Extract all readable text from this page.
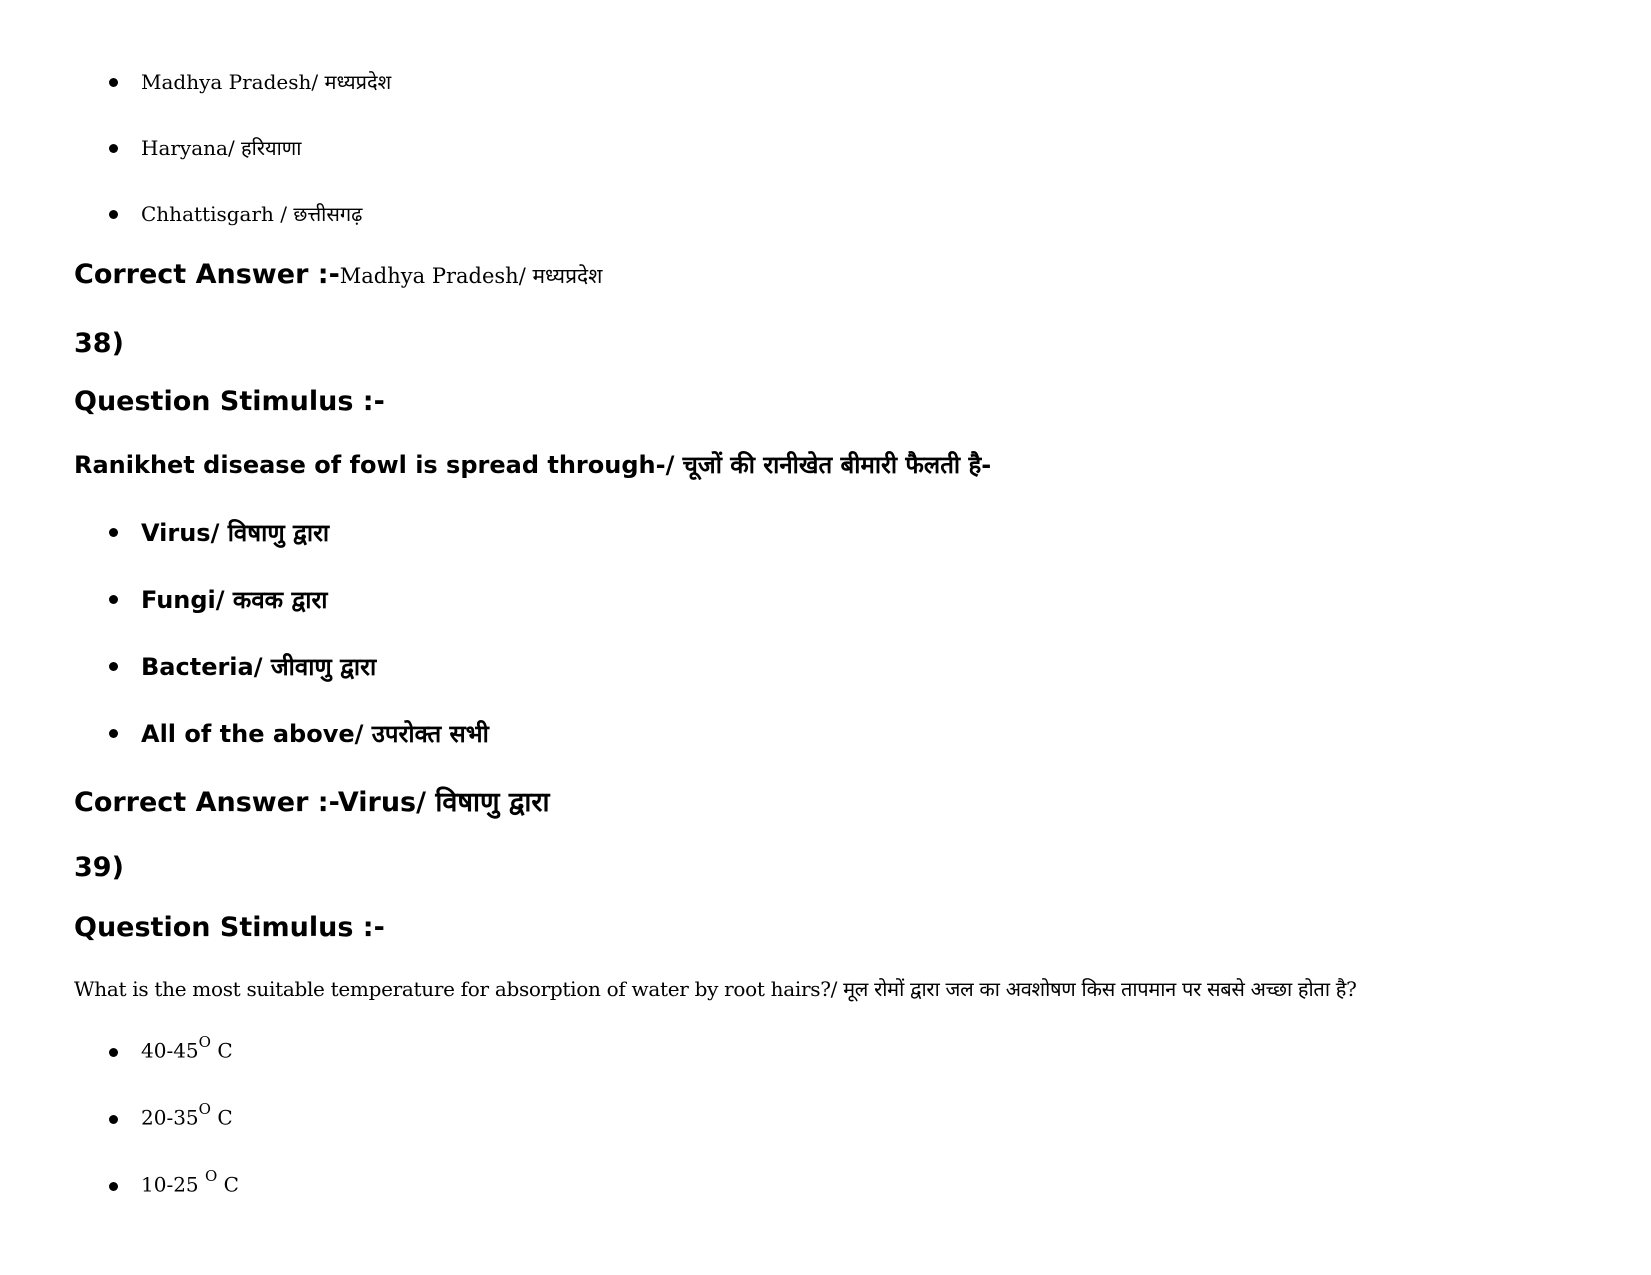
Madhya Pradesh/ मध्यप्रदेश
Haryana/ हरियाणा
Chhattisgarh / छत्तीसगढ़
Correct Answer :-Madhya Pradesh/ मध्यप्रदेश
38)
Question Stimulus :-
Ranikhet disease of fowl is spread through-/ चूजों की रानीखेत बीमारी फैलती है-
Virus/ विषाणु द्वारा
Fungi/ कवक द्वारा
Bacteria/ जीवाणु द्वारा
All of the above/ उपरोक्त सभी
Correct Answer :-Virus/ विषाणु द्वारा
39)
Question Stimulus :-
What is the most suitable temperature for absorption of water by root hairs?/ मूल रोमों द्वारा जल का अवशोषण किस तापमान पर सबसे अच्छा होता है?
$40-45^O$ C
$20-35^O$ C
10-25 $^O$ C
